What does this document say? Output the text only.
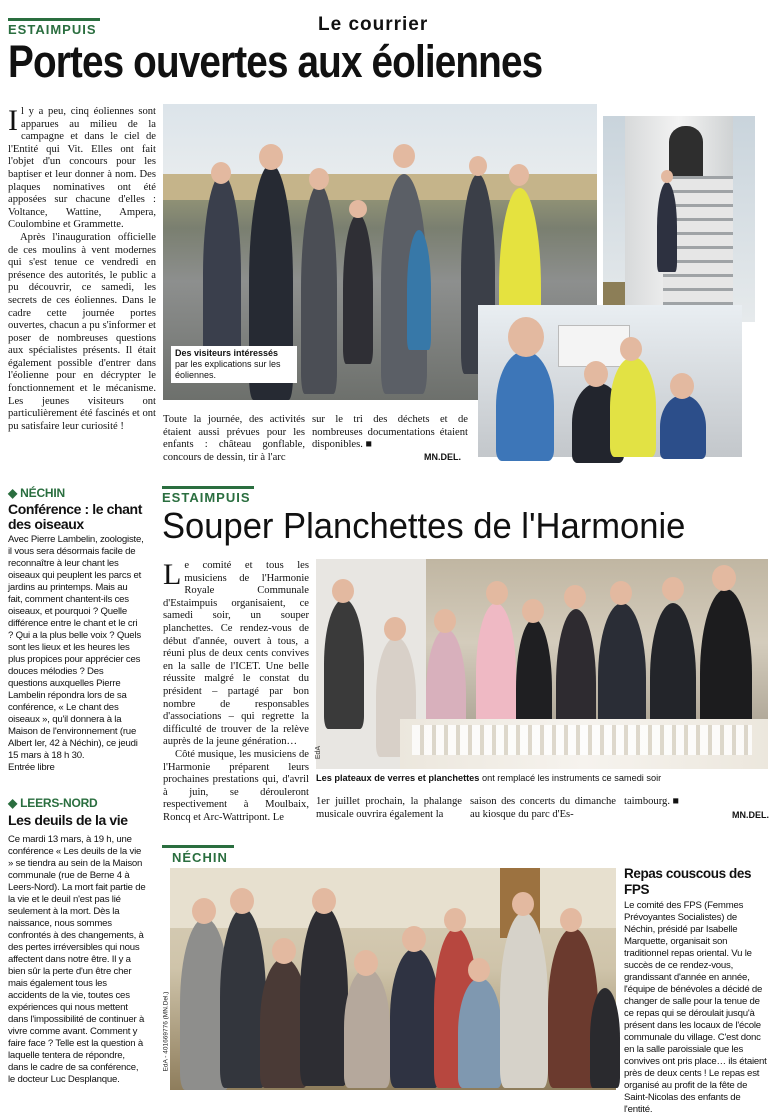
Le courrier
ESTAIMPUIS
Portes ouvertes aux éoliennes
I l y a peu, cinq éoliennes sont apparues au milieu de la campagne et dans le ciel de l'Entité qui Vit. Elles ont fait l'objet d'un concours pour les baptiser et leur donner à nom. Des plaques nominatives ont été apposées sur chacune d'elles : Voltance, Wattine, Ampera, Coulombine et Grammette.
Après l'inauguration officielle de ces moulins à vent modernes qui s'est tenue ce vendredi en présence des autorités, le public a pu découvrir, ce samedi, les secrets de ces éoliennes. Dans le cadre cette journée portes ouvertes, chacun a pu s'informer et poser de nombreuses questions aux spécialistes présents. Il était également possible d'entrer dans l'éolienne pour en décrypter le fonctionnement et le mécanisme. Les jeunes visiteurs ont particulièrement été fascinés et ont pu satisfaire leur curiosité !
Des visiteurs intéressés par les explications sur les éoliennes.
Toute la journée, des activités étaient aussi prévues pour les enfants : château gonflable, concours de dessin, tir à l'arc
sur le tri des déchets et de nombreuses documentations étaient disponibles. ■
MN.DEL.
◆ NÉCHIN
Conférence : le chant des oiseaux
Avec Pierre Lambelin, zoologiste, il vous sera désormais facile de reconnaître à leur chant les oiseaux qui peuplent les parcs et jardins au printemps. Mais au fait, comment chantent-ils ces oiseaux, et pourquoi ? Quelle différence entre le chant et le cri ? Qui a la plus belle voix ? Quels sont les lieux et les heures les plus propices pour apprécier ces douces mélodies ? Des questions auxquelles Pierre Lambelin répondra lors de sa conférence, « Le chant des oiseaux », qu'il donnera à la Maison de l'environnement (rue Albert Ier, 42 à Néchin), ce jeudi 15 mars à 18 h 30.
Entrée libre
◆ LEERS-NORD
Les deuils de la vie
Ce mardi 13 mars, à 19 h, une conférence « Les deuils de la vie » se tiendra au sein de la Maison communale (rue de Berne 4 à Leers-Nord). La mort fait partie de la vie et le deuil n'est pas lié seulement à la mort. Dès la naissance, nous sommes confrontés à des changements, à des pertes irréversibles qui nous affectent dans notre être. Il y a bien sûr la perte d'un être cher mais également tous les accidents de la vie, toutes ces expériences qui nous mettent dans l'impossibilité de continuer à vivre comme avant. Comment y faire face ? Telle est la question à laquelle tentera de répondre, dans le cadre de sa conférence, le docteur Luc Desplanque.
ESTAIMPUIS
Souper Planchettes de l'Harmonie
L e comité et tous les musiciens de l'Harmonie Royale Communale d'Estaimpuis organisaient, ce samedi soir, un souper planchettes. Ce rendez-vous de début d'année, ouvert à tous, a réuni plus de deux cents convives en la salle de l'ICET. Une belle réussite malgré le constat du président – partagé par bon nombre de responsables d'associations – qui regrette la difficulté de trouver de la relève auprès de la jeune génération…
Côté musique, les musiciens de l'Harmonie préparent leurs prochaines prestations qui, d'avril à juin, se dérouleront respectivement à Moulbaix, Roncq et Arc-Wattripont. Le
EdA
Les plateaux de verres et planchettes ont remplacé les instruments ce samedi soir
1er juillet prochain, la phalange musicale ouvrira également la
saison des concerts du dimanche au kiosque du parc d'Es-
taimbourg. ■
MN.DEL.
NÉCHIN
EdA - 401669776 (MN.Del.)
Repas couscous des FPS
Le comité des FPS (Femmes Prévoyantes Socialistes) de Néchin, présidé par Isabelle Marquette, organisait son traditionnel repas oriental. Vu le succès de ce rendez-vous, grandissant d'année en année, l'équipe de bénévoles a décidé de changer de salle pour la tenue de ce repas qui se déroulait jusqu'à présent dans les locaux de l'école communale du village. C'est donc en la salle paroissiale que les convives ont pris place… ils étaient près de deux cents ! Le repas est organisé au profit de la fête de Saint-Nicolas des enfants de l'entité.
